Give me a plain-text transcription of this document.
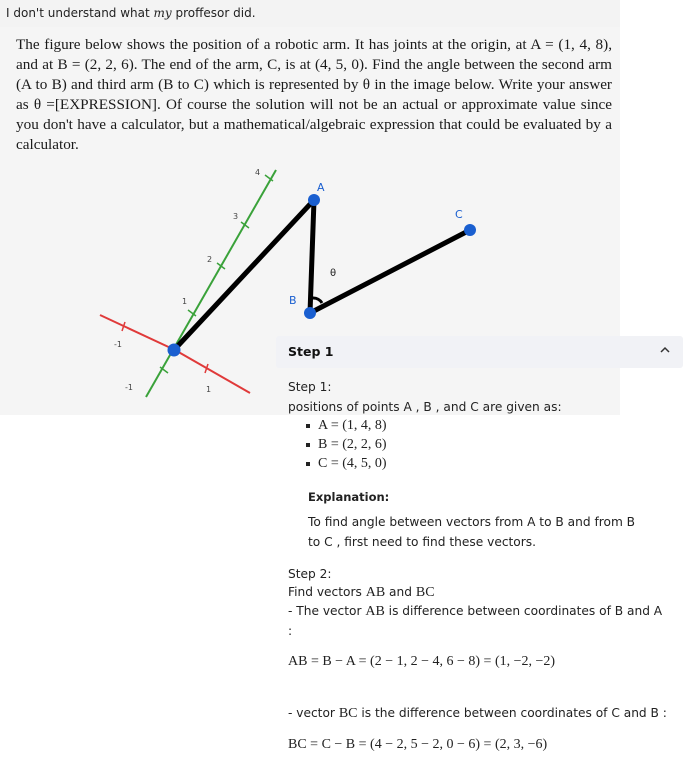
I don't understand what my proffesor did.
The figure below shows the position of a robotic arm. It has joints at the origin, at A = (1, 4, 8), and at B = (2, 2, 6). The end of the arm, C, is at (4, 5, 0). Find the angle between the second arm (A to B) and third arm (B to C) which is represented by θ in the image below. Write your answer as θ =[EXPRESSION]. Of course the solution will not be an actual or approximate value since you don't have a calculator, but a mathematical/algebraic expression that could be evaluated by a calculator.
1
2
3
4
-1
1
-1
A
B
C
θ
Step 1
Step 1:
positions of points A , B , and C are given as:
A = (1, 4, 8)
B = (2, 2, 6)
C = (4, 5, 0)
Explanation:
To find angle between vectors from A to B and from B
to C , first need to find these vectors.
Step 2:
Find vectors AB and BC
- The vector AB is difference between coordinates of B and A
:
AB = B − A = (2 − 1, 2 − 4, 6 − 8) = (1, −2, −2)
- vector BC is the difference between coordinates of C and B :
BC = C − B = (4 − 2, 5 − 2, 0 − 6) = (2, 3, −6)
